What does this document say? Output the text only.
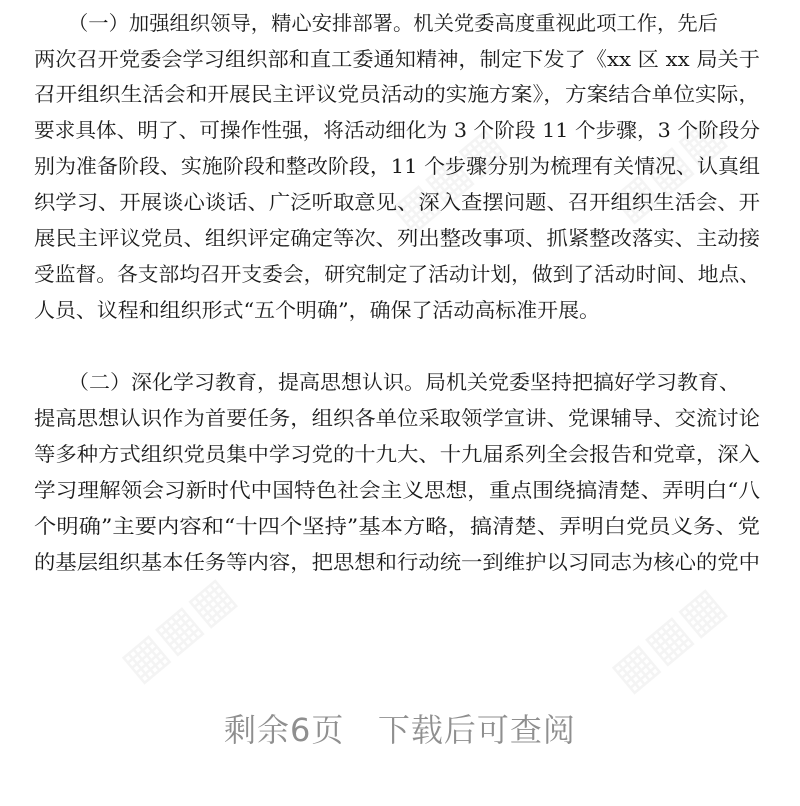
▦▦▦
▦▦▦
▦▦▦	▦▦▦
（一）加强组织领导，精心安排部署。机关党委高度重视此项工作，先后
两次召开党委会学习组织部和直工委通知精神，制定下发了《xx 区 xx 局关于
召开组织生活会和开展民主评议党员活动的实施方案》，方案结合单位实际，
要求具体、明了、可操作性强，将活动细化为 3 个阶段 11 个步骤，3 个阶段分
别为准备阶段、实施阶段和整改阶段，11 个步骤分别为梳理有关情况、认真组
织学习、开展谈心谈话、广泛听取意见、深入查摆问题、召开组织生活会、开
展民主评议党员、组织评定确定等次、列出整改事项、抓紧整改落实、主动接
受监督。各支部均召开支委会，研究制定了活动计划，做到了活动时间、地点、
人员、议程和组织形式“五个明确”，确保了活动高标准开展。
（二）深化学习教育，提高思想认识。局机关党委坚持把搞好学习教育、
提高思想认识作为首要任务，组织各单位采取领学宣讲、党课辅导、交流讨论
等多种方式组织党员集中学习党的十九大、十九届系列全会报告和党章，深入
学习理解领会习新时代中国特色社会主义思想，重点围绕搞清楚、弄明白“八
个明确”主要内容和“十四个坚持”基本方略，搞清楚、弄明白党员义务、党
的基层组织基本任务等内容，把思想和行动统一到维护以习同志为核心的党中
剩余6页   下载后可查阅
